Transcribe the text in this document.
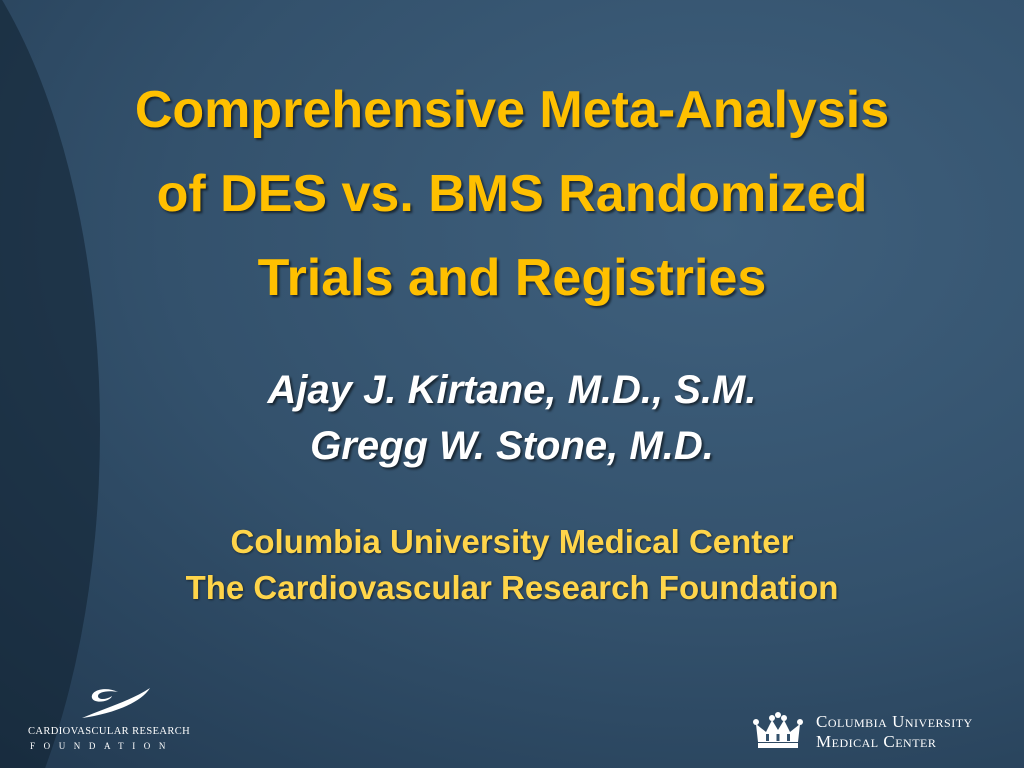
Comprehensive Meta-Analysis
of DES vs. BMS Randomized
Trials and Registries
Ajay J. Kirtane, M.D., S.M.
Gregg W. Stone, M.D.
Columbia University Medical Center
The Cardiovascular Research Foundation
CARDIOVASCULAR RESEARCH
FOUNDATION
Columbia University
Medical Center
